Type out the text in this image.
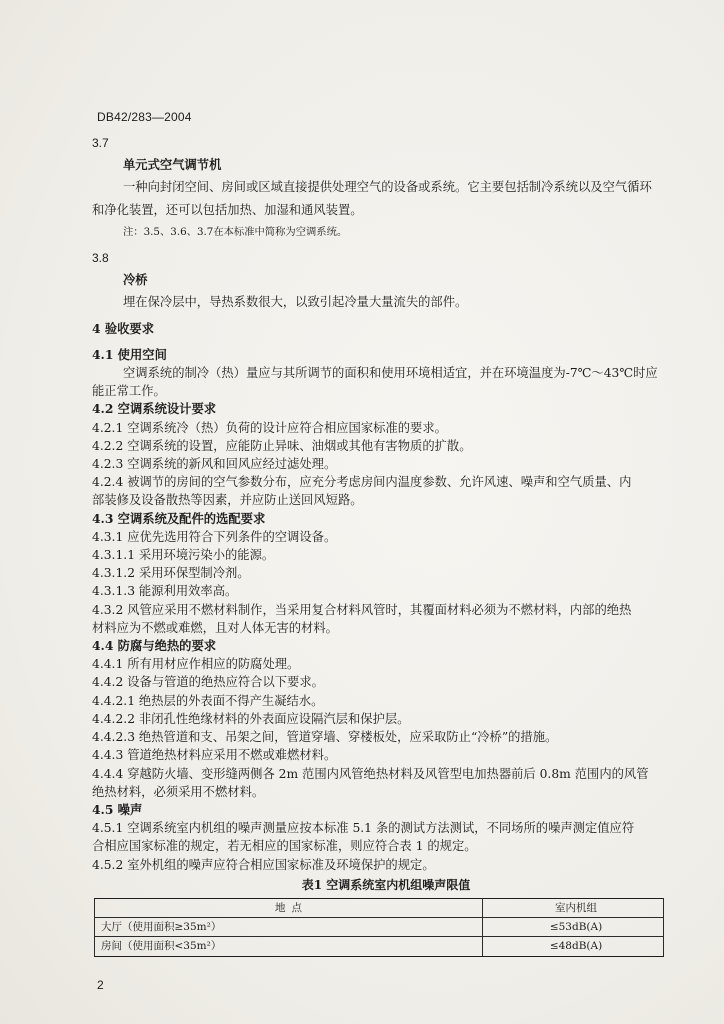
DB42/283—2004

3.7

单元式空气调节机

一种向封闭空间、房间或区域直接提供处理空气的设备或系统。它主要包括制冷系统以及空气循环

和净化装置，还可以包括加热、加湿和通风装置。

注：3.5、3.6、3.7在本标准中简称为空调系统。

3.8

冷桥

埋在保冷层中，导热系数很大，以致引起冷量大量流失的部件。

4 验收要求

4.1 使用空间

空调系统的制冷（热）量应与其所调节的面积和使用环境相适宜，并在环境温度为-7℃～43℃时应

能正常工作。

4.2 空调系统设计要求

4.2.1 空调系统冷（热）负荷的设计应符合相应国家标准的要求。

4.2.2 空调系统的设置，应能防止异味、油烟或其他有害物质的扩散。

4.2.3 空调系统的新风和回风应经过滤处理。

4.2.4 被调节的房间的空气参数分布，应充分考虑房间内温度参数、允许风速、噪声和空气质量、内

部装修及设备散热等因素，并应防止送回风短路。

4.3 空调系统及配件的选配要求

4.3.1 应优先选用符合下列条件的空调设备。

4.3.1.1 采用环境污染小的能源。

4.3.1.2 采用环保型制冷剂。

4.3.1.3 能源利用效率高。

4.3.2 风管应采用不燃材料制作，当采用复合材料风管时，其覆面材料必须为不燃材料，内部的绝热

材料应为不燃或难燃，且对人体无害的材料。

4.4 防腐与绝热的要求

4.4.1 所有用材应作相应的防腐处理。

4.4.2 设备与管道的绝热应符合以下要求。

4.4.2.1 绝热层的外表面不得产生凝结水。

4.4.2.2 非闭孔性绝缘材料的外表面应设隔汽层和保护层。

4.4.2.3 绝热管道和支、吊架之间，管道穿墙、穿楼板处，应采取防止“冷桥”的措施。

4.4.3 管道绝热材料应采用不燃或难燃材料。

4.4.4 穿越防火墙、变形缝两侧各 2m 范围内风管绝热材料及风管型电加热器前后 0.8m 范围内的风管

绝热材料，必须采用不燃材料。

4.5 噪声

4.5.1 空调系统室内机组的噪声测量应按本标准 5.1 条的测试方法测试，不同场所的噪声测定值应符

合相应国家标准的规定，若无相应的国家标准，则应符合表 1 的规定。

4.5.2 室外机组的噪声应符合相应国家标准及环境保护的规定。

表1 空调系统室内机组噪声限值

地点	室内机组
大厅（使用面积≥35m²）	≤53dB(A)
房间（使用面积<35m²）	≤48dB(A)
2
